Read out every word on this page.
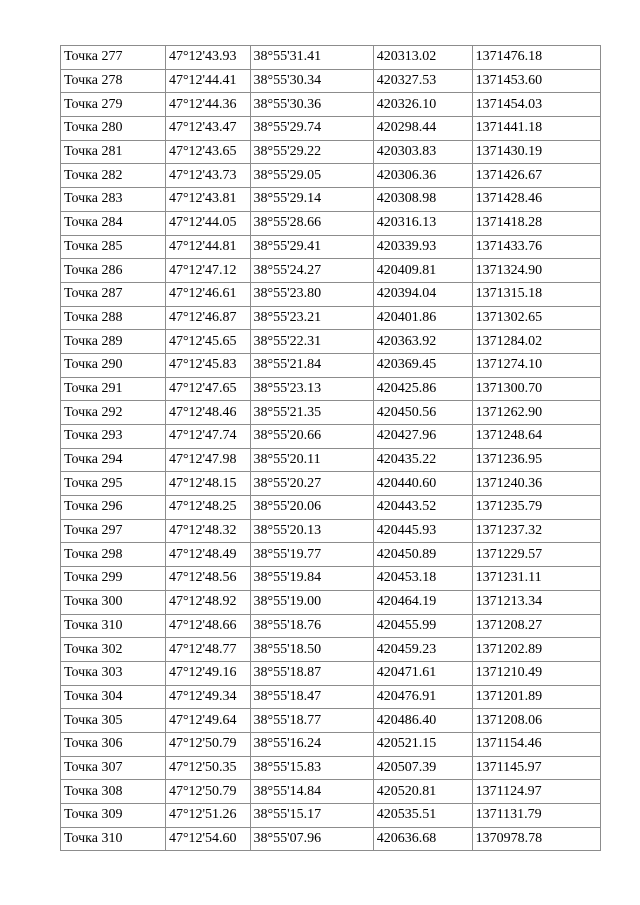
Точка 277	47°12'43.93	38°55'31.41	420313.02	1371476.18
Точка 278	47°12'44.41	38°55'30.34	420327.53	1371453.60
Точка 279	47°12'44.36	38°55'30.36	420326.10	1371454.03
Точка 280	47°12'43.47	38°55'29.74	420298.44	1371441.18
Точка 281	47°12'43.65	38°55'29.22	420303.83	1371430.19
Точка 282	47°12'43.73	38°55'29.05	420306.36	1371426.67
Точка 283	47°12'43.81	38°55'29.14	420308.98	1371428.46
Точка 284	47°12'44.05	38°55'28.66	420316.13	1371418.28
Точка 285	47°12'44.81	38°55'29.41	420339.93	1371433.76
Точка 286	47°12'47.12	38°55'24.27	420409.81	1371324.90
Точка 287	47°12'46.61	38°55'23.80	420394.04	1371315.18
Точка 288	47°12'46.87	38°55'23.21	420401.86	1371302.65
Точка 289	47°12'45.65	38°55'22.31	420363.92	1371284.02
Точка 290	47°12'45.83	38°55'21.84	420369.45	1371274.10
Точка 291	47°12'47.65	38°55'23.13	420425.86	1371300.70
Точка 292	47°12'48.46	38°55'21.35	420450.56	1371262.90
Точка 293	47°12'47.74	38°55'20.66	420427.96	1371248.64
Точка 294	47°12'47.98	38°55'20.11	420435.22	1371236.95
Точка 295	47°12'48.15	38°55'20.27	420440.60	1371240.36
Точка 296	47°12'48.25	38°55'20.06	420443.52	1371235.79
Точка 297	47°12'48.32	38°55'20.13	420445.93	1371237.32
Точка 298	47°12'48.49	38°55'19.77	420450.89	1371229.57
Точка 299	47°12'48.56	38°55'19.84	420453.18	1371231.11
Точка 300	47°12'48.92	38°55'19.00	420464.19	1371213.34
Точка 310	47°12'48.66	38°55'18.76	420455.99	1371208.27
Точка 302	47°12'48.77	38°55'18.50	420459.23	1371202.89
Точка 303	47°12'49.16	38°55'18.87	420471.61	1371210.49
Точка 304	47°12'49.34	38°55'18.47	420476.91	1371201.89
Точка 305	47°12'49.64	38°55'18.77	420486.40	1371208.06
Точка 306	47°12'50.79	38°55'16.24	420521.15	1371154.46
Точка 307	47°12'50.35	38°55'15.83	420507.39	1371145.97
Точка 308	47°12'50.79	38°55'14.84	420520.81	1371124.97
Точка 309	47°12'51.26	38°55'15.17	420535.51	1371131.79
Точка 310	47°12'54.60	38°55'07.96	420636.68	1370978.78
